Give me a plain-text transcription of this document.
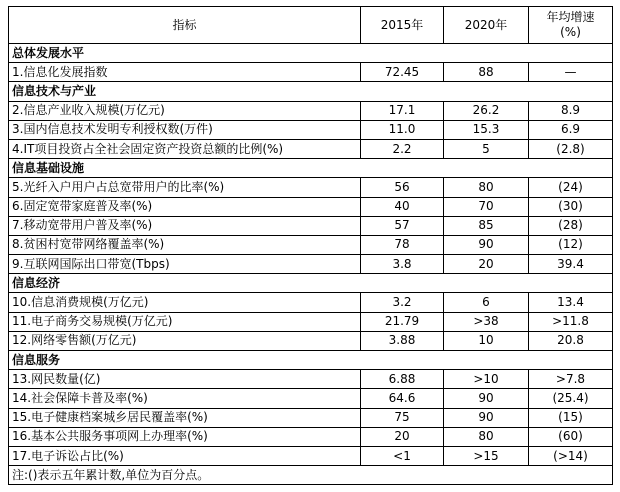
指标	2015年	2020年	年均增速
(%)
总体发展水平			
1.信息化发展指数	72.45	88	—
信息技术与产业			
2.信息产业收入规模(万亿元)	17.1	26.2	8.9
3.国内信息技术发明专利授权数(万件)	11.0	15.3	6.9
4.IT项目投资占全社会固定资产投资总额的比例(%)	2.2	5	(2.8)
信息基础设施			
5.光纤入户用户占总宽带用户的比率(%)	56	80	(24)
6.固定宽带家庭普及率(%)	40	70	(30)
7.移动宽带用户普及率(%)	57	85	(28)
8.贫困村宽带网络覆盖率(%)	78	90	(12)
9.互联网国际出口带宽(Tbps)	3.8	20	39.4
信息经济			
10.信息消费规模(万亿元)	3.2	6	13.4
11.电子商务交易规模(万亿元)	21.79	>38	>11.8
12.网络零售额(万亿元)	3.88	10	20.8
信息服务			
13.网民数量(亿)	6.88	>10	>7.8
14.社会保障卡普及率(%)	64.6	90	(25.4)
15.电子健康档案城乡居民覆盖率(%)	75	90	(15)
16.基本公共服务事项网上办理率(%)	20	80	(60)
17.电子诉讼占比(%)	<1	>15	(>14)
注:()表示五年累计数,单位为百分点。			
